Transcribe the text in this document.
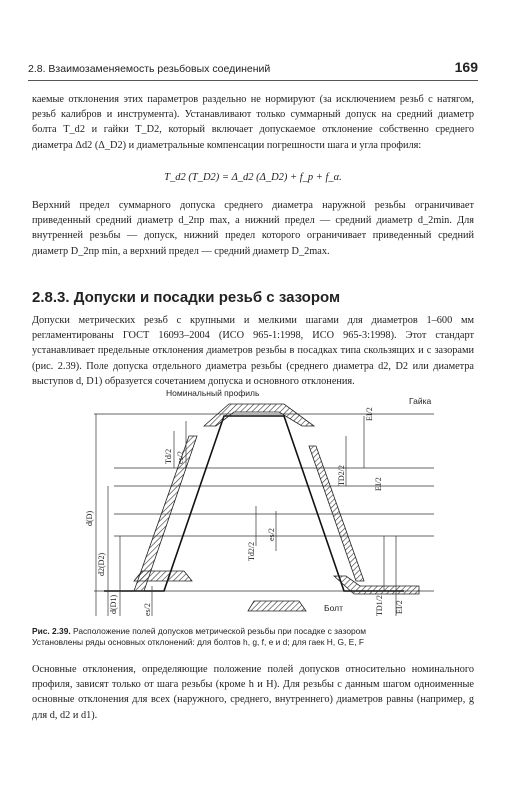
2.8. Взаимозаменяемость резьбовых соединений	169

каемые отклонения этих параметров раздельно не нормируют (за исключением резьб с натягом, резьб калибров и инструмента). Устанавливают только суммарный допуск на средний диаметр болта T_d2 и гайки T_D2, который включает допускаемое отклонение собственно среднего диаметра Δd2 (Δ_D2) и диаметральные компенсации погрешности шага и угла профиля:

T_d2 (T_D2) = Δ_d2 (Δ_D2) + f_p + f_α.

Верхний предел суммарного допуска среднего диаметра наружной резьбы ограничивает приведенный средний диаметр d_2пр max, а нижний предел — средний диаметр d_2min. Для внутренней резьбы — допуск, нижний предел которого ограничивает приведенный средний диаметр D_2пр min, а верхний предел — средний диаметр D_2max.

2.8.3. Допуски и посадки резьб с зазором

Допуски метрических резьб с крупными и мелкими шагами для диаметров 1–600 мм регламентированы ГОСТ 16093–2004 (ИСО 965-1:1998, ИСО 965-3:1998). Этот стандарт устанавливает предельные отклонения диаметров резьбы в посадках типа скользящих и с зазорами (рис. 2.39). Поле допуска отдельного диаметра резьбы (среднего диаметра d2, D2 или диаметра выступов d, D1) образуется сочетанием допуска и основного отклонения.

Номинальный профиль
Гайка
Болт
Td/2 es/2
EI/2
TD2/2	EI/2
es/2
Td2/2
es/2	TD1/2 EI/2
d(D)
d2(D2)
d(D1)
Рис. 2.39. Расположение полей допусков метрической резьбы при посадке с зазором
Установлены ряды основных отклонений: для болтов h, g, f, e и d; для гаек H, G, E, F

Основные отклонения, определяющие положение полей допусков относительно номинального профиля, зависят только от шага резьбы (кроме h и H). Для резьбы с данным шагом одноименные основные отклонения для всех (наружного, среднего, внутреннего) диаметров равны (например, g для d, d2 и d1).
